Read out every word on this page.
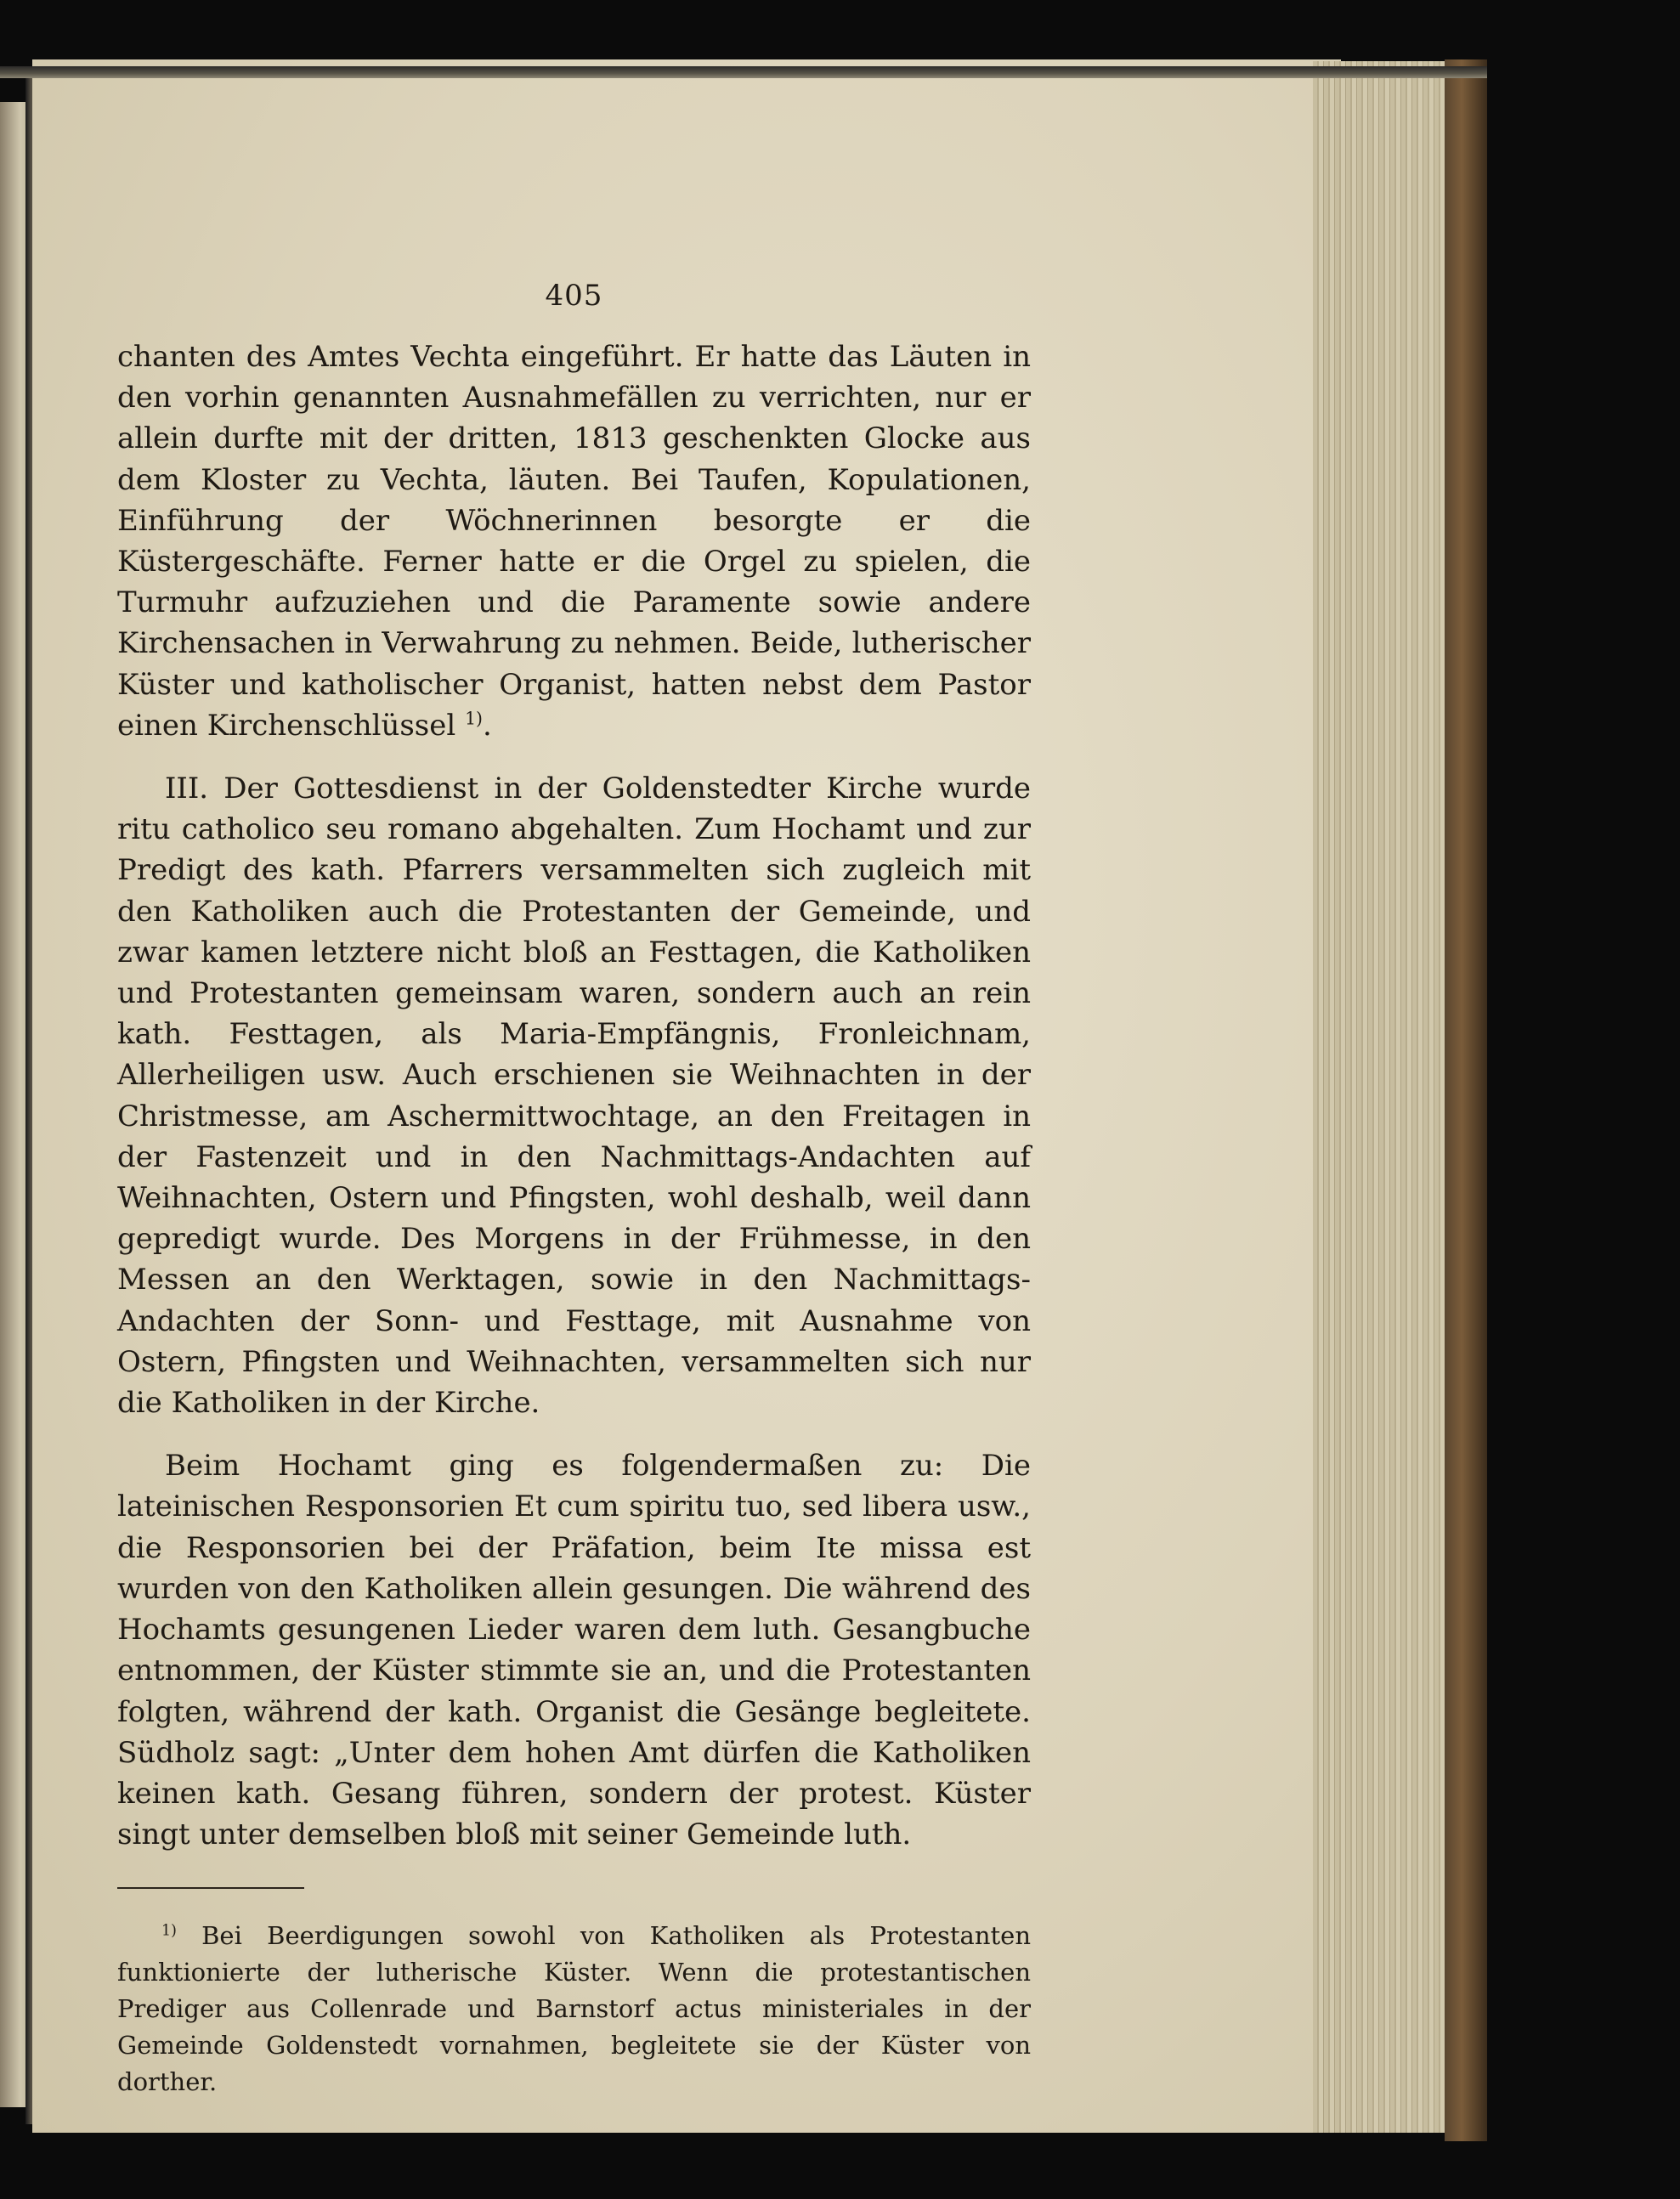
405

chanten des Amtes Vechta eingeführt. Er hatte das Läuten in den vorhin genannten Ausnahmefällen zu verrichten, nur er allein durfte mit der dritten, 1813 geschenkten Glocke aus dem Kloster zu Vechta, läuten. Bei Taufen, Kopulationen, Einführung der Wöchnerinnen besorgte er die Küstergeschäfte. Ferner hatte er die Orgel zu spielen, die Turmuhr aufzuziehen und die Paramente sowie andere Kirchensachen in Verwahrung zu nehmen. Beide, lutherischer Küster und katholischer Organist, hatten nebst dem Pastor einen Kirchenschlüssel $^{1)}$.

III. Der Gottesdienst in der Goldenstedter Kirche wurde ritu catholico seu romano abgehalten. Zum Hochamt und zur Predigt des kath. Pfarrers versammelten sich zugleich mit den Katholiken auch die Protestanten der Gemeinde, und zwar kamen letztere nicht bloß an Festtagen, die Katholiken und Protestanten gemeinsam waren, sondern auch an rein kath. Festtagen, als Maria-Empfängnis, Fronleichnam, Allerheiligen usw. Auch erschienen sie Weihnachten in der Christmesse, am Aschermittwochtage, an den Freitagen in der Fastenzeit und in den Nachmittags-Andachten auf Weihnachten, Ostern und Pfingsten, wohl deshalb, weil dann gepredigt wurde. Des Morgens in der Frühmesse, in den Messen an den Werktagen, sowie in den Nachmittags-Andachten der Sonn- und Festtage, mit Ausnahme von Ostern, Pfingsten und Weihnachten, versammelten sich nur die Katholiken in der Kirche.

Beim Hochamt ging es folgendermaßen zu: Die lateinischen Responsorien Et cum spiritu tuo, sed libera usw., die Responsorien bei der Präfation, beim Ite missa est wurden von den Katholiken allein gesungen. Die während des Hochamts gesungenen Lieder waren dem luth. Gesangbuche entnommen, der Küster stimmte sie an, und die Protestanten folgten, während der kath. Organist die Gesänge begleitete. Südholz sagt: „Unter dem hohen Amt dürfen die Katholiken keinen kath. Gesang führen, sondern der protest. Küster singt unter demselben bloß mit seiner Gemeinde luth.

$^{1)}$ Bei Beerdigungen sowohl von Katholiken als Protestanten funktionierte der lutherische Küster. Wenn die protestantischen Prediger aus Collenrade und Barnstorf actus ministeriales in der Gemeinde Goldenstedt vornahmen, begleitete sie der Küster von dorther.
